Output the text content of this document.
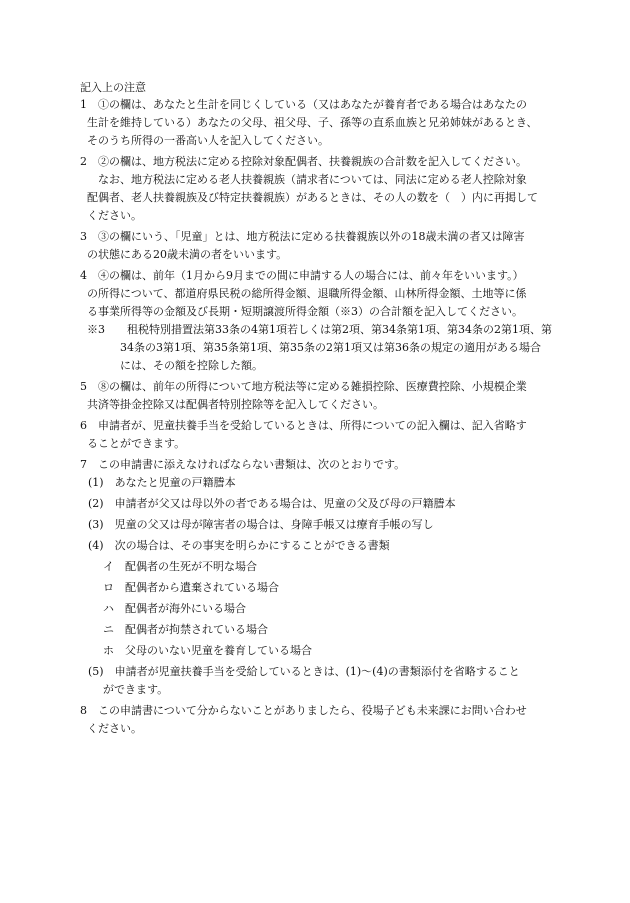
記入上の注意
1　①の欄は、あなたと生計を同じくしている（又はあなたが養育者である場合はあなたの
生計を維持している）あなたの父母、祖父母、子、孫等の直系血族と兄弟姉妹があるとき、
そのうち所得の一番高い人を記入してください。
2　②の欄は、地方税法に定める控除対象配偶者、扶養親族の合計数を記入してください。
なお、地方税法に定める老人扶養親族（請求者については、同法に定める老人控除対象
配偶者、老人扶養親族及び特定扶養親族）があるときは、その人の数を（　）内に再掲して
ください。
3　③の欄にいう、「児童」とは、地方税法に定める扶養親族以外の18歳未満の者又は障害
の状態にある20歳未満の者をいいます。
4　④の欄は、前年（1月から9月までの間に申請する人の場合には、前々年をいいます。）
の所得について、都道府県民税の総所得金額、退職所得金額、山林所得金額、土地等に係
る事業所得等の金額及び長期・短期譲渡所得金額（※3）の合計額を記入してください。
※3　　租税特別措置法第33条の4第1項若しくは第2項、第34条第1項、第34条の2第1項、第
34条の3第1項、第35条第1項、第35条の2第1項又は第36条の規定の適用がある場合
には、その額を控除した額。
5　⑧の欄は、前年の所得について地方税法等に定める雑損控除、医療費控除、小規模企業
共済等掛金控除又は配偶者特別控除等を記入してください。
6　申請者が、児童扶養手当を受給しているときは、所得についての記入欄は、記入省略す
ることができます。
7　この申請書に添えなければならない書類は、次のとおりです。
(1)　あなたと児童の戸籍謄本
(2)　申請者が父又は母以外の者である場合は、児童の父及び母の戸籍謄本
(3)　児童の父又は母が障害者の場合は、身障手帳又は療育手帳の写し
(4)　次の場合は、その事実を明らかにすることができる書類
イ　配偶者の生死が不明な場合
ロ　配偶者から遺棄されている場合
ハ　配偶者が海外にいる場合
ニ　配偶者が拘禁されている場合
ホ　父母のいない児童を養育している場合
(5)　申請者が児童扶養手当を受給しているときは、(1)～(4)の書類添付を省略すること
ができます。
8　この申請書について分からないことがありましたら、役場子ども未来課にお問い合わせ
ください。
